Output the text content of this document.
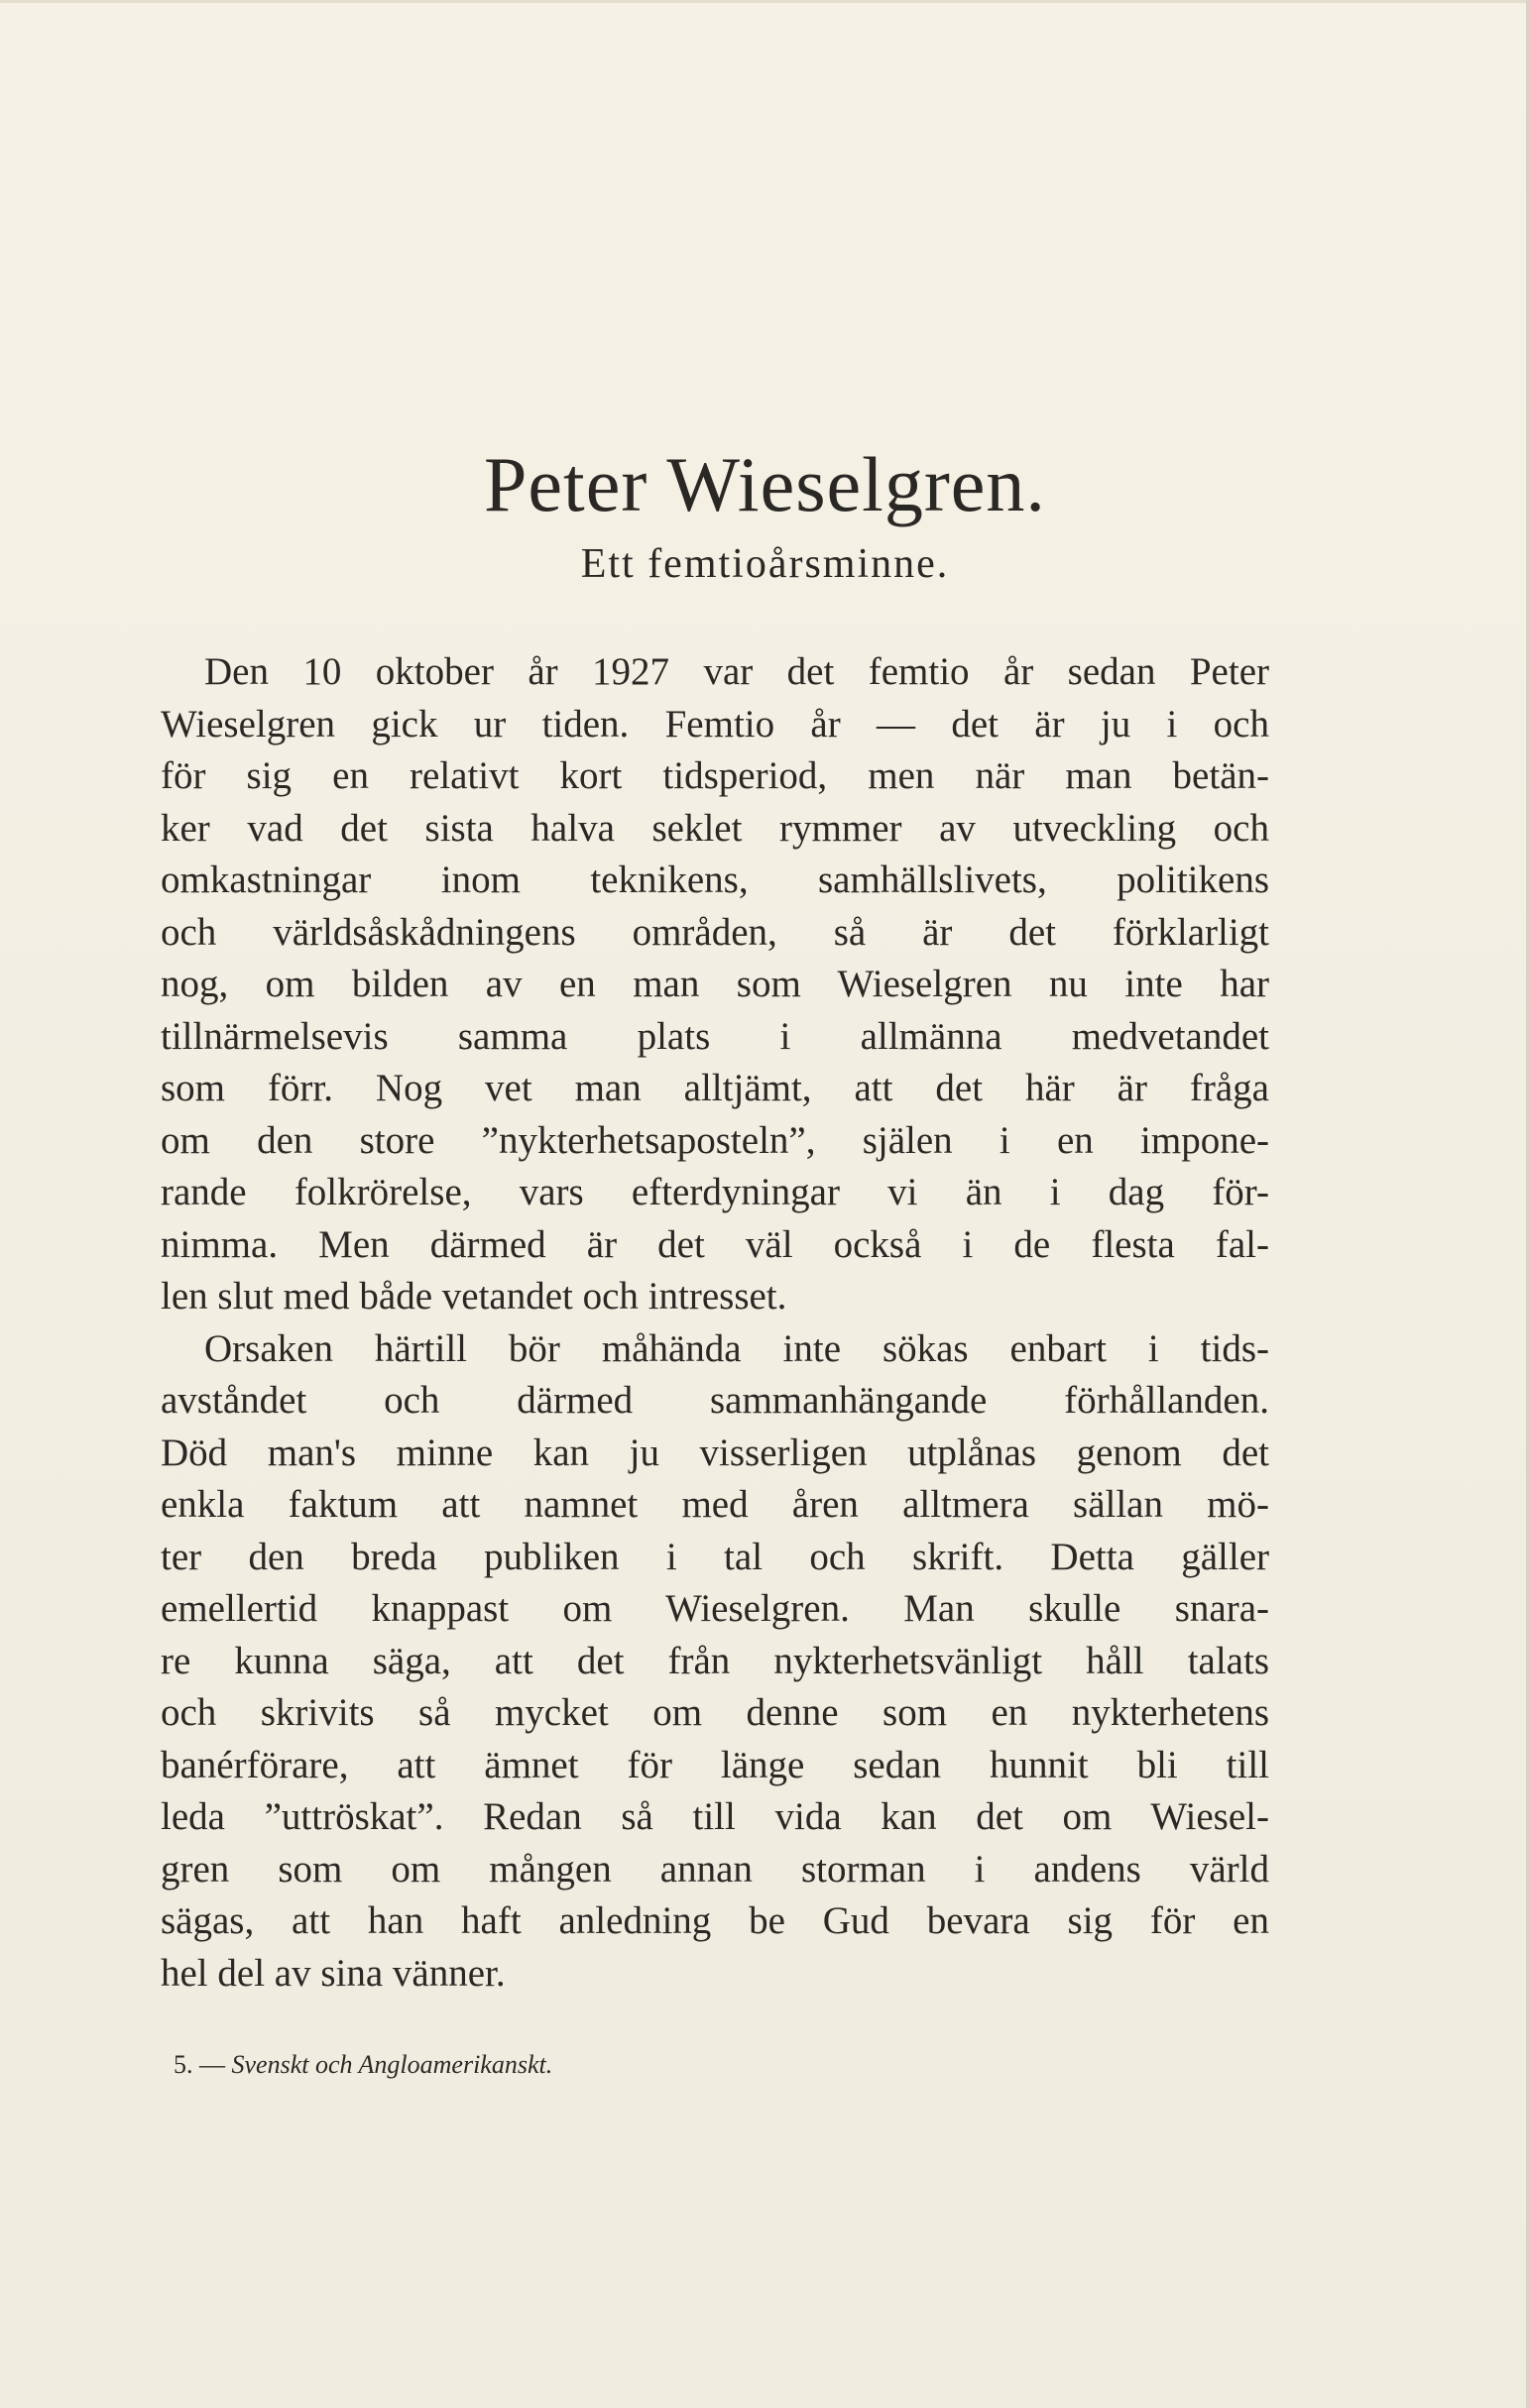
Peter Wieselgren.
Ett femtioårsminne.
Den 10 oktober år 1927 var det femtio år sedan Peter
Wieselgren gick ur tiden. Femtio år — det är ju i och
för sig en relativt kort tidsperiod, men när man betän-
ker vad det sista halva seklet rymmer av utveckling och
omkastningar inom teknikens, samhällslivets, politikens
och världsåskådningens områden, så är det förklarligt
nog, om bilden av en man som Wieselgren nu inte har
tillnärmelsevis samma plats i allmänna medvetandet
som förr. Nog vet man alltjämt, att det här är fråga
om den store ”nykterhetsaposteln”, själen i en impone-
rande folkrörelse, vars efterdyningar vi än i dag för-
nimma. Men därmed är det väl också i de flesta fal-
len slut med både vetandet och intresset.
Orsaken härtill bör måhända inte sökas enbart i tids-
avståndet och därmed sammanhängande förhållanden.
Död man's minne kan ju visserligen utplånas genom det
enkla faktum att namnet med åren alltmera sällan mö-
ter den breda publiken i tal och skrift. Detta gäller
emellertid knappast om Wieselgren. Man skulle snara-
re kunna säga, att det från nykterhetsvänligt håll talats
och skrivits så mycket om denne som en nykterhetens
banérförare, att ämnet för länge sedan hunnit bli till
leda ”uttröskat”. Redan så till vida kan det om Wiesel-
gren som om mången annan storman i andens värld
sägas, att han haft anledning be Gud bevara sig för en
hel del av sina vänner.
5. — Svenskt och Angloamerikanskt.
